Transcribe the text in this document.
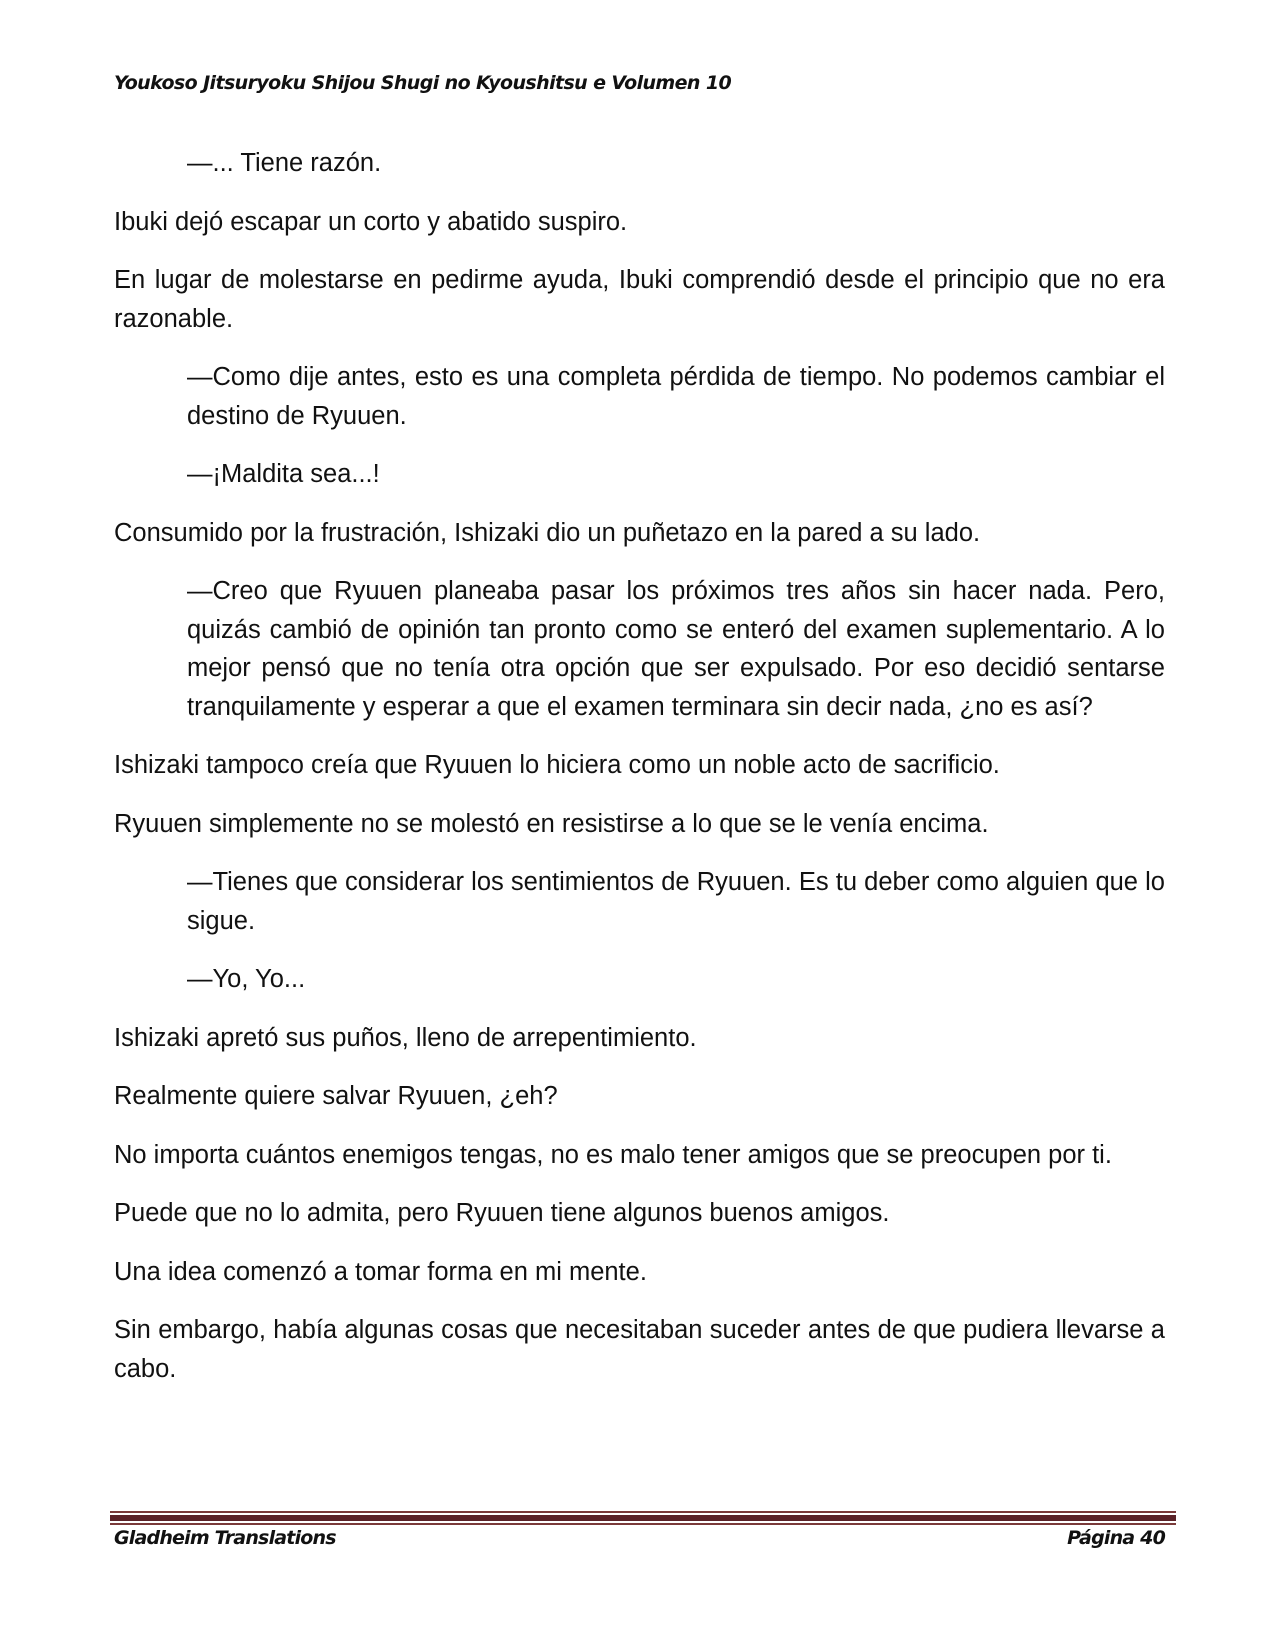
Youkoso Jitsuryoku Shijou Shugi no Kyoushitsu e Volumen 10

—... Tiene razón.

Ibuki dejó escapar un corto y abatido suspiro.

En lugar de molestarse en pedirme ayuda, Ibuki comprendió desde el principio que no era razonable.

—Como dije antes, esto es una completa pérdida de tiempo. No podemos cambiar el destino de Ryuuen.

—¡Maldita sea...!

Consumido por la frustración, Ishizaki dio un puñetazo en la pared a su lado.

—Creo que Ryuuen planeaba pasar los próximos tres años sin hacer nada. Pero, quizás cambió de opinión tan pronto como se enteró del examen suplementario. A lo mejor pensó que no tenía otra opción que ser expulsado. Por eso decidió sentarse tranquilamente y esperar a que el examen terminara sin decir nada, ¿no es así?

Ishizaki tampoco creía que Ryuuen lo hiciera como un noble acto de sacrificio.

Ryuuen simplemente no se molestó en resistirse a lo que se le venía encima.

—Tienes que considerar los sentimientos de Ryuuen. Es tu deber como alguien que lo sigue.

—Yo, Yo...

Ishizaki apretó sus puños, lleno de arrepentimiento.

Realmente quiere salvar Ryuuen, ¿eh?

No importa cuántos enemigos tengas, no es malo tener amigos que se preocupen por ti.

Puede que no lo admita, pero Ryuuen tiene algunos buenos amigos.

Una idea comenzó a tomar forma en mi mente.

Sin embargo, había algunas cosas que necesitaban suceder antes de que pudiera llevarse a cabo.

Gladheim Translations	Página 40
